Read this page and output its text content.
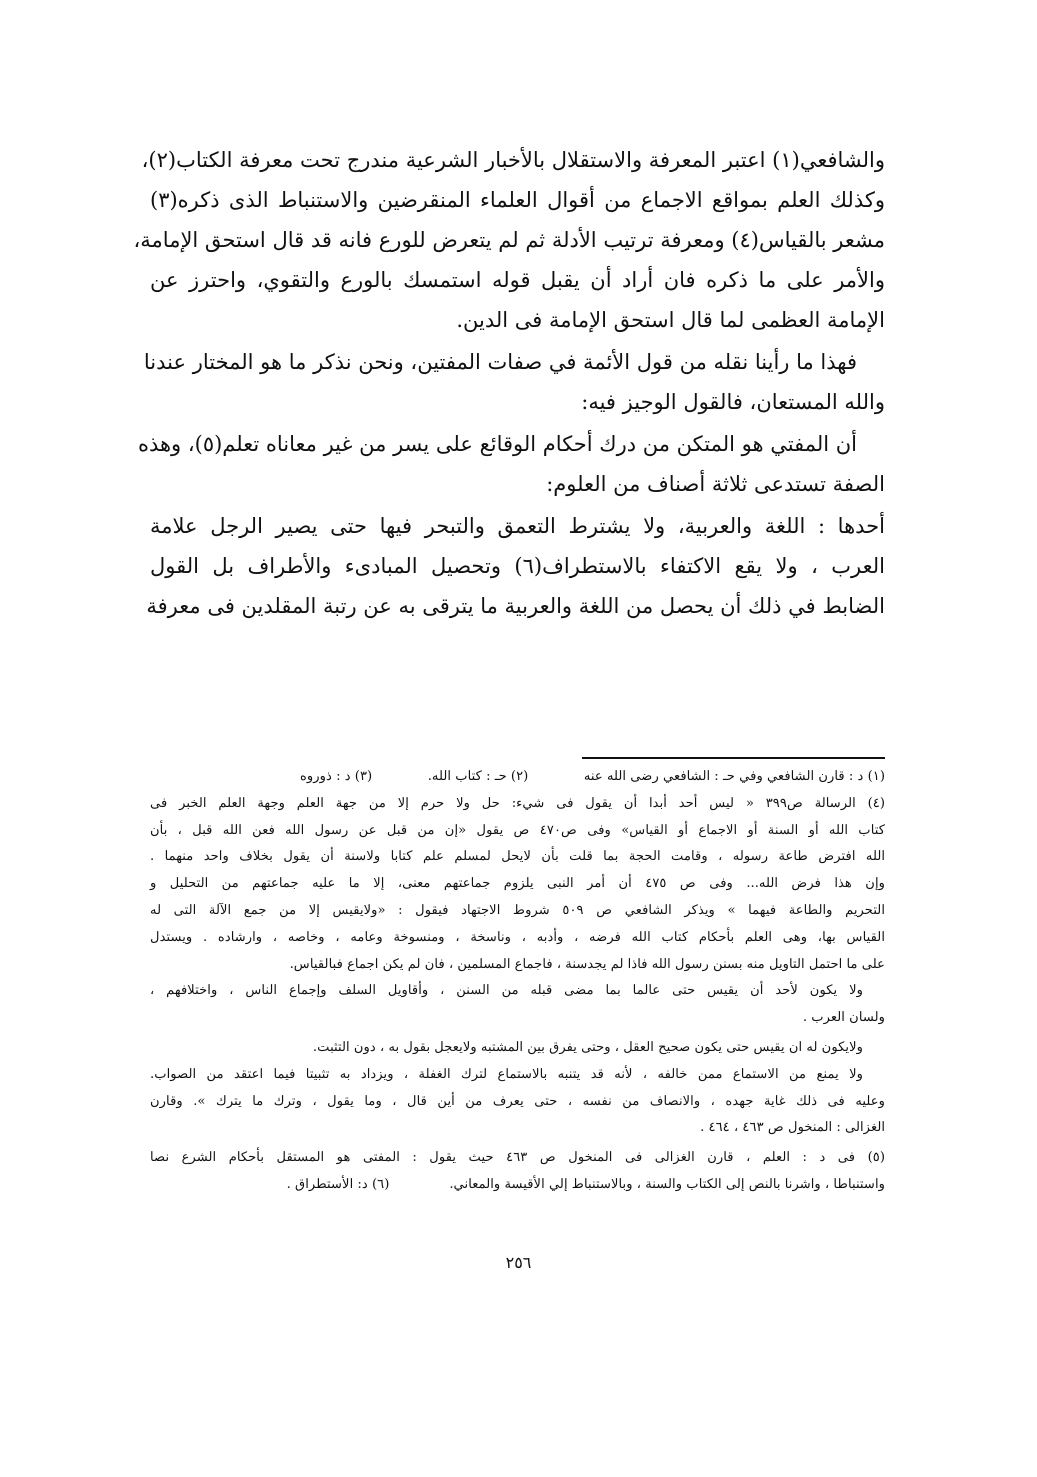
والشافعي(١) اعتبر المعرفة والاستقلال بالأخبار الشرعية مندرج تحت معرفة الكتاب(٢)،
وكذلك العلم بمواقع الاجماع من أقوال العلماء المنقرضين والاستنباط الذى ذكره(٣)
مشعر بالقياس(٤) ومعرفة ترتيب الأدلة ثم لم يتعرض للورع فانه قد قال استحق الإمامة،
والأمر على ما ذكره فان أراد أن يقبل قوله استمسك بالورع والتقوي، واحترز عن
الإمامة العظمى لما قال استحق الإمامة فى الدين.
فهذا ما رأينا نقله من قول الأئمة في صفات المفتين، ونحن نذكر ما هو المختار عندنا
والله المستعان، فالقول الوجيز فيه:
أن المفتي هو المتكن من درك أحكام الوقائع على يسر من غير معاناه تعلم(٥)، وهذه
الصفة تستدعى ثلاثة أصناف من العلوم:
أحدها : اللغة والعربية، ولا يشترط التعمق والتبحر فيها حتى يصير الرجل علامة
العرب ، ولا يقع الاكتفاء بالاستطراف(٦) وتحصيل المبادىء والأطراف بل القول
الضابط في ذلك أن يحصل من اللغة والعربية ما يترقى به عن رتبة المقلدين فى معرفة
(١) د : قارن الشافعي وفي حـ : الشافعي رضى الله عنه
(٢) حـ : كتاب الله.
(٣) د : ذوروه
(٤) الرسالة ص٣٩٩ « ليس أحد أبدا أن يقول فى شيء: حل ولا حرم إلا من جهة العلم وجهة العلم الخبر فى
كتاب الله أو السنة أو الاجماع أو القياس» وفى ص٤٧٠ ص يقول «إن من قبل عن رسول الله فعن الله قبل ، بأن
الله افترض طاعة رسوله ، وقامت الحجة بما قلت بأن لايحل لمسلم علم كتابا ولاسنة أن يقول بخلاف واحد منهما .
وإن هذا فرض الله... وفى ص ٤٧٥ أن أمر النبى يلزوم جماعتهم معنى، إلا ما عليه جماعتهم من التحليل و
التحريم والطاعة فيهما » ويذكر الشافعي ص ٥٠٩ شروط الاجتهاد فيقول : «ولايقيس إلا من جمع الآلة التى له
القياس بها، وهى العلم بأحكام كتاب الله فرضه ، وأدبه ، وناسخة ، ومنسوخة وعامه ، وخاصه ، وارشاده . ويستدل
على ما احتمل التاويل منه بسنن رسول الله فاذا لم يجدسنة ، فاجماع المسلمين ، فان لم يكن اجماع فبالقياس.
ولا يكون لأحد أن يقيس حتى عالما بما مضى قبله من السنن ، وأقاويل السلف وإجماع الناس ، واختلافهم ،
ولسان العرب .
ولايكون له ان يقيس حتى يكون صحيح العقل ، وحتى يفرق بين المشتبه ولايعجل بقول به ، دون التثبت.
ولا يمنع من الاستماع ممن خالفه ، لأنه قد يتنبه بالاستماع لترك الغفلة ، ويزداد به تثبيتا فيما اعتقد من الصواب.
وعليه فى ذلك غاية جهده ، والانصاف من نفسه ، حتى يعرف من أين قال ، وما يقول ، وترك ما يترك ». وقارن
الغزالى : المنخول ص ٤٦٣ ، ٤٦٤ .
(٥) فى د : العلم ، قارن الغزالى فى المنخول ص ٤٦٣ حيث يقول : المفتى هو المستقل بأحكام الشرع نصا
واستنباطا ، واشرنا بالنص إلى الكتاب والسنة ، وبالاستنباط إلي الأقيسة والمعاني.
(٦) د: الأستطراق .
٢٥٦
